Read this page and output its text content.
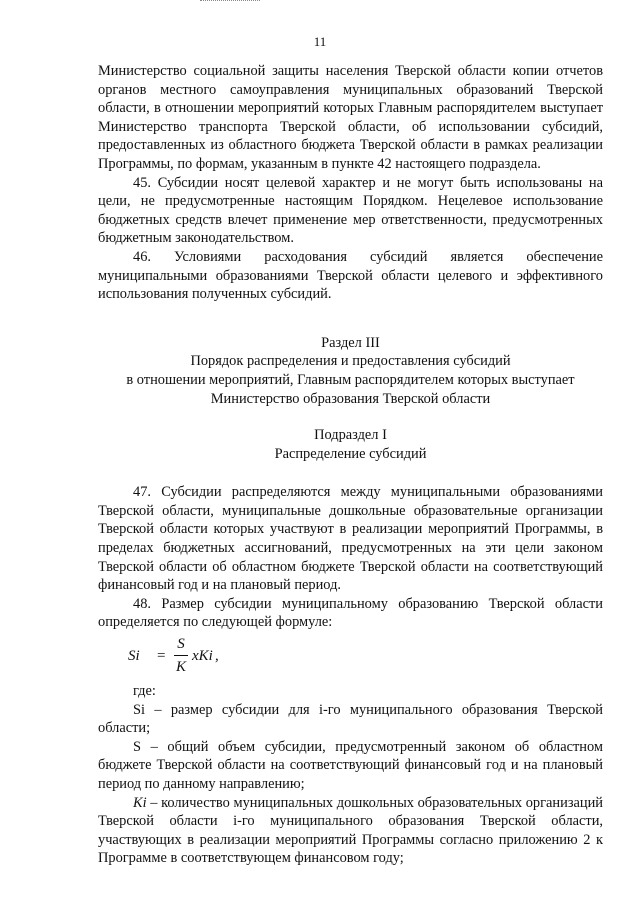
11

Министерство социальной защиты населения Тверской области копии отчетов органов местного самоуправления муниципальных образований Тверской области, в отношении мероприятий которых Главным распорядителем выступает Министерство транспорта Тверской области, об использовании субсидий, предоставленных из областного бюджета Тверской области в рамках реализации Программы, по формам, указанным в пункте 42 настоящего подраздела.

45. Субсидии носят целевой характер и не могут быть использованы на цели, не предусмотренные настоящим Порядком. Нецелевое использование бюджетных средств влечет применение мер ответственности, предусмотренных бюджетным законодательством.

46. Условиями расходования субсидий является обеспечение муниципальными образованиями Тверской области целевого и эффективного использования полученных субсидий.

Раздел III

Порядок распределения и предоставления субсидий

в отношении мероприятий, Главным распорядителем которых выступает

Министерство образования Тверской области

Подраздел I

Распределение субсидий

47. Субсидии распределяются между муниципальными образованиями Тверской области, муниципальные дошкольные образовательные организации Тверской области которых участвуют в реализации мероприятий Программы, в пределах бюджетных ассигнований, предусмотренных на эти цели законом Тверской области об областном бюджете Тверской области на соответствующий финансовый год и на плановый период.

48. Размер субсидии муниципальному образованию Тверской области определяется по следующей формуле:

Si =
S
K
xKi ,

где:

Si – размер субсидии для i-го муниципального образования Тверской области;

S – общий объем субсидии, предусмотренный законом об областном бюджете Тверской области на соответствующий финансовый год и на плановый период по данному направлению;

Ki – количество муниципальных дошкольных образовательных организаций Тверской области i-го муниципального образования Тверской области, участвующих в реализации мероприятий Программы согласно приложению 2 к Программе в соответствующем финансовом году;
